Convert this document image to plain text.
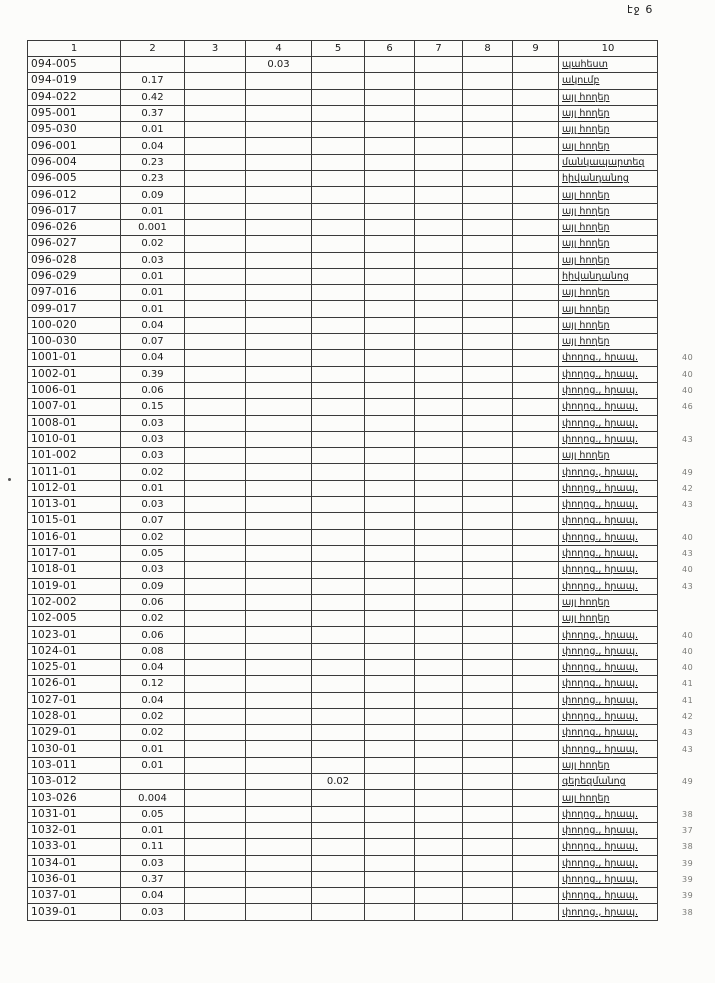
էջ 6
1	2	3	4	5	6	7	8	9	10	
094-005			0.03						պահեստ	
094-019	0.17								ակումբ	
094-022	0.42								այլ հողեր	
095-001	0.37								այլ հողեր	
095-030	0.01								այլ հողեր	
096-001	0.04								այլ հողեր	
096-004	0.23								մանկապարտեզ	
096-005	0.23								հիվանդանոց	
096-012	0.09								այլ հողեր	
096-017	0.01								այլ հողեր	
096-026	0.001								այլ հողեր	
096-027	0.02								այլ հողեր	
096-028	0.03								այլ հողեր	
096-029	0.01								հիվանդանոց	
097-016	0.01								այլ հողեր	
099-017	0.01								այլ հողեր	
100-020	0.04								այլ հողեր	
100-030	0.07								այլ հողեր	
1001-01	0.04								փողոց., հրապ.	40
1002-01	0.39								փողոց., հրապ.	40
1006-01	0.06								փողոց., հրապ.	40
1007-01	0.15								փողոց., հրապ.	46
1008-01	0.03								փողոց., հրապ.	
1010-01	0.03								փողոց., հրապ.	43
101-002	0.03								այլ հողեր	
1011-01	0.02								փողոց., հրապ.	49
1012-01	0.01								փողոց., հրապ.	42
1013-01	0.03								փողոց., հրապ.	43
1015-01	0.07								փողոց., հրապ.	
1016-01	0.02								փողոց., հրապ.	40
1017-01	0.05								փողոց., հրապ.	43
1018-01	0.03								փողոց., հրապ.	40
1019-01	0.09								փողոց., հրապ.	43
102-002	0.06								այլ հողեր	
102-005	0.02								այլ հողեր	
1023-01	0.06								փողոց., հրապ.	40
1024-01	0.08								փողոց., հրապ.	40
1025-01	0.04								փողոց., հրապ.	40
1026-01	0.12								փողոց., հրապ.	41
1027-01	0.04								փողոց., հրապ.	41
1028-01	0.02								փողոց., հրապ.	42
1029-01	0.02								փողոց., հրապ.	43
1030-01	0.01								փողոց., հրապ.	43
103-011	0.01								այլ հողեր	
103-012				0.02					գերեզմանոց	49
103-026	0.004								այլ հողեր	
1031-01	0.05								փողոց., հրապ.	38
1032-01	0.01								փողոց., հրապ.	37
1033-01	0.11								փողոց., հրապ.	38
1034-01	0.03								փողոց., հրապ.	39
1036-01	0.37								փողոց., հրապ.	39
1037-01	0.04								փողոց., հրապ.	39
1039-01	0.03								փողոց., հրապ.	38
